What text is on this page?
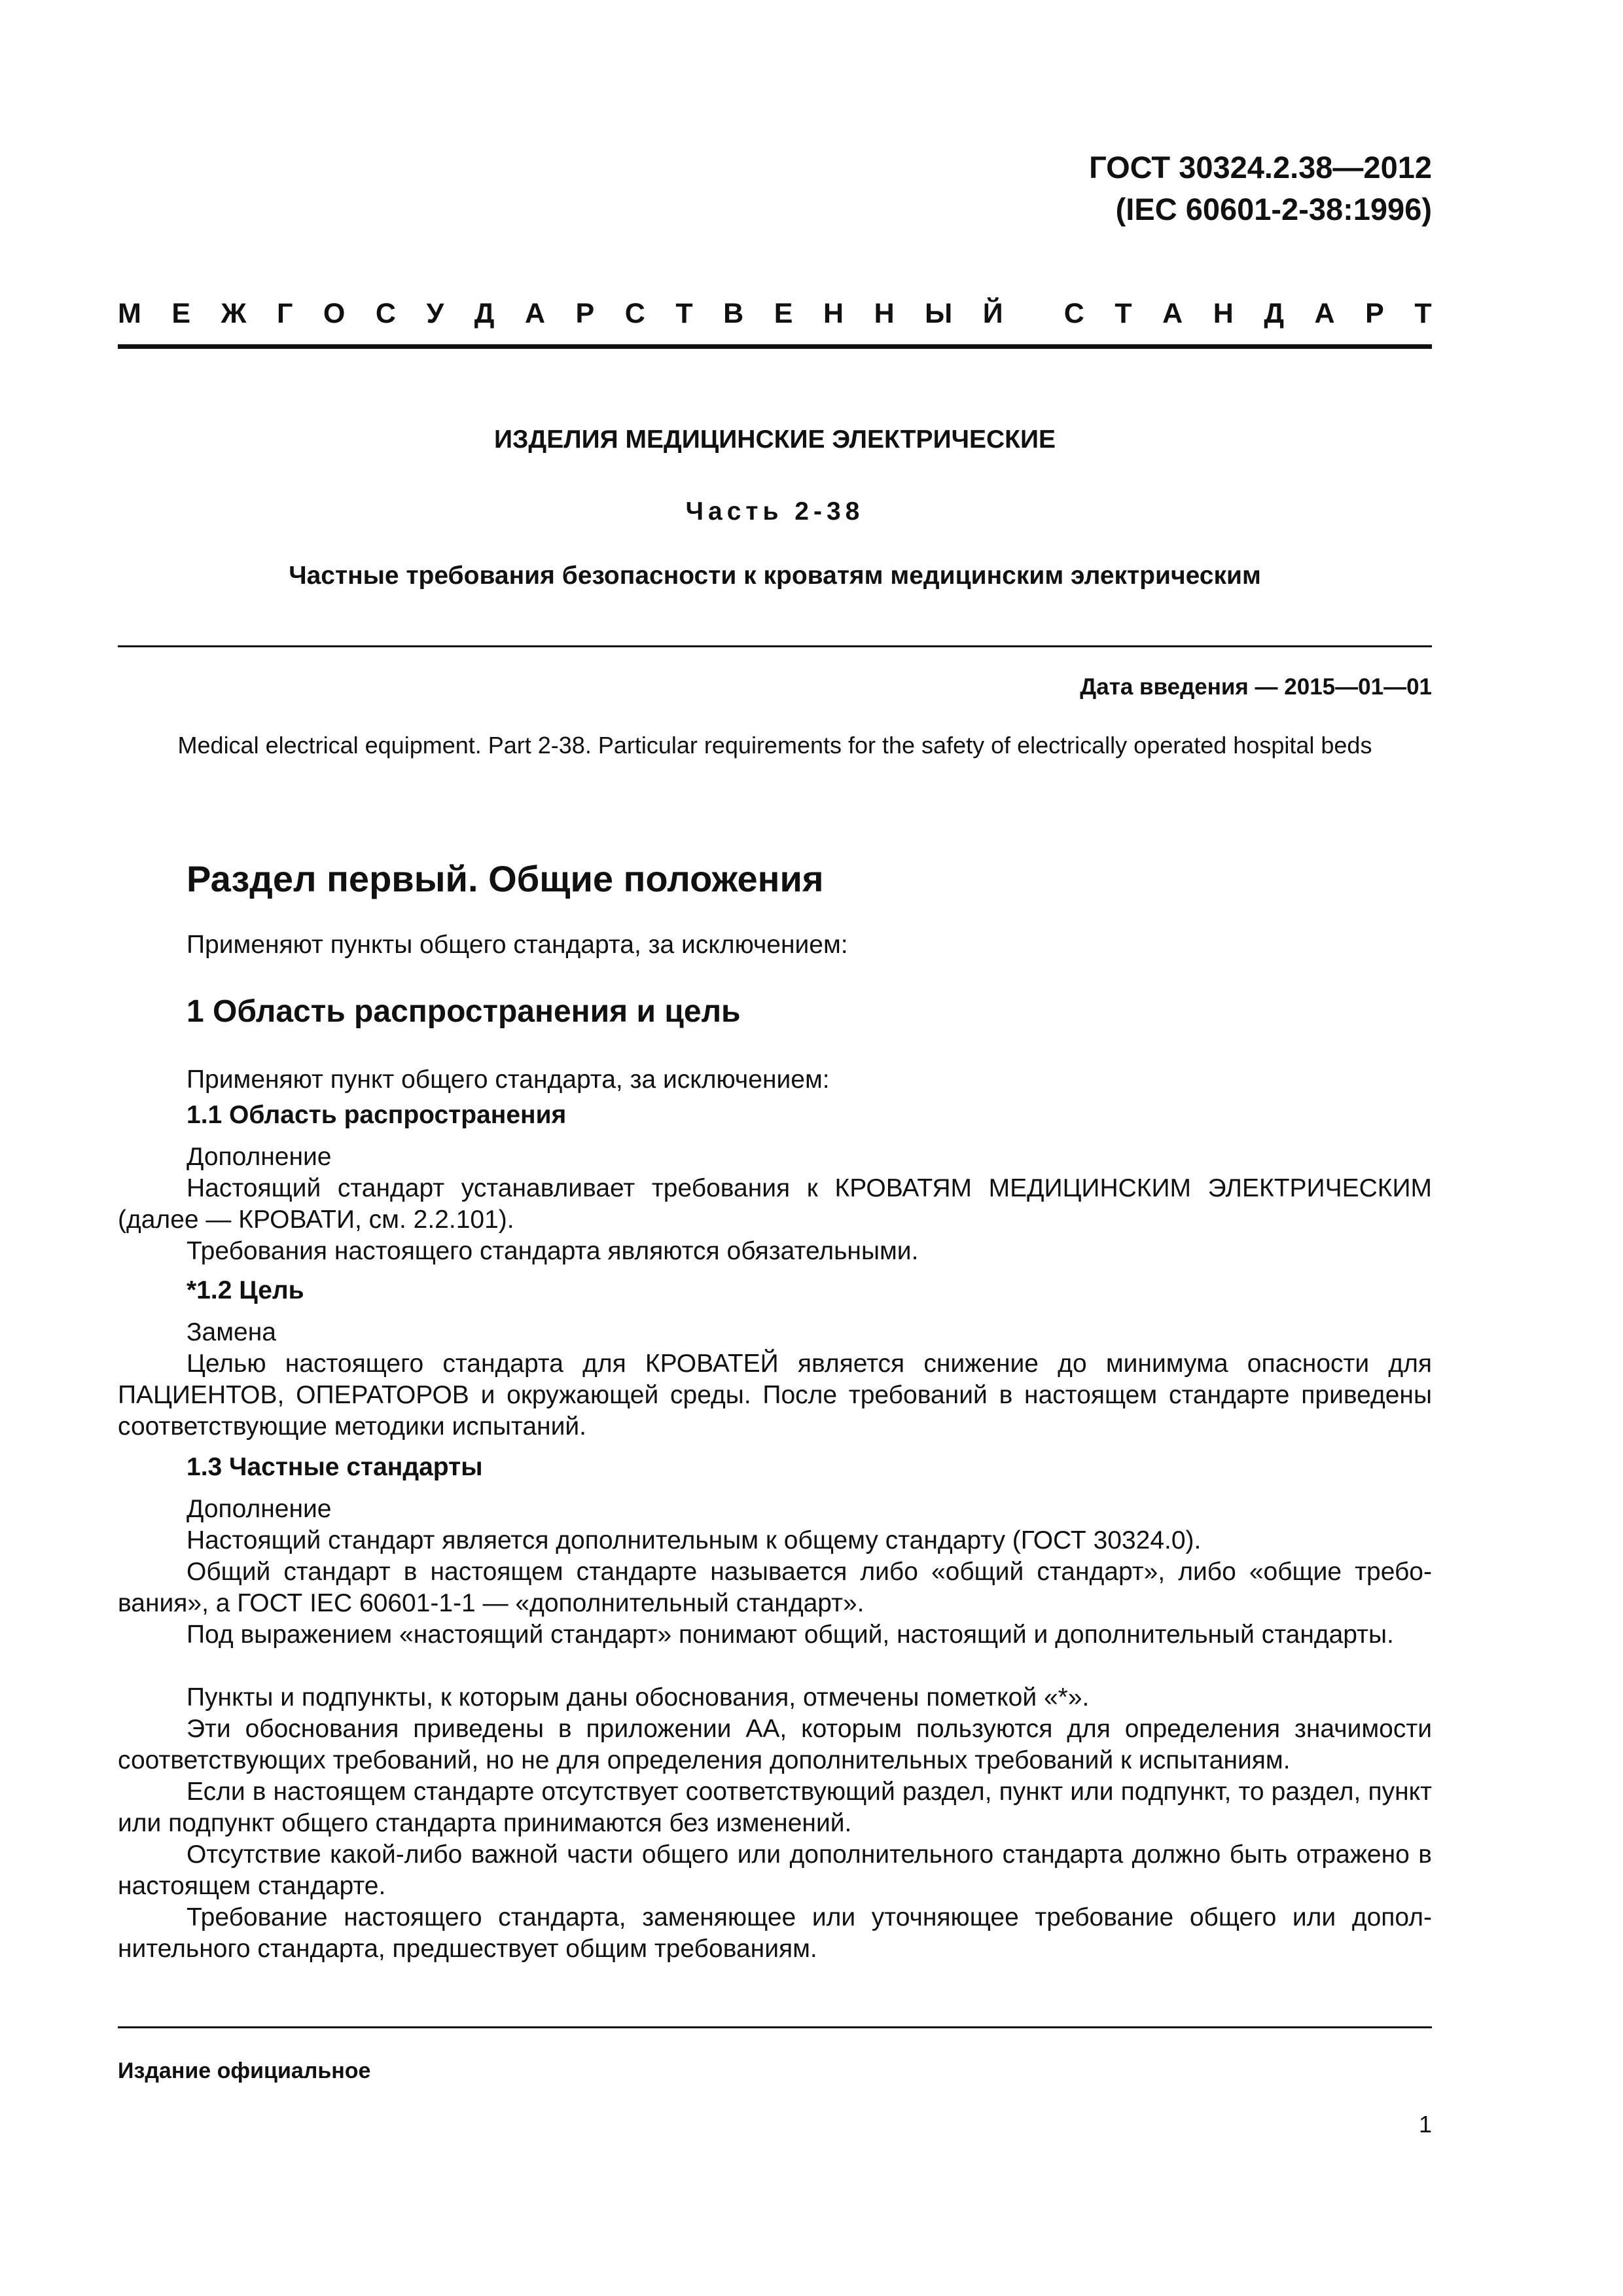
ГОСТ 30324.2.38—2012
(IEC 60601-2-38:1996)
М Е Ж Г О С У Д А Р С Т В Е Н Н Ы Й С Т А Н Д А Р Т
ИЗДЕЛИЯ МЕДИЦИНСКИЕ ЭЛЕКТРИЧЕСКИЕ
Часть 2-38
Частные требования безопасности к кроватям медицинским электрическим
Дата введения — 2015—01—01
Medical electrical equipment. Part 2-38. Particular requirements for the safety of electrically operated hospital beds
Раздел первый. Общие положения
Применяют пункты общего стандарта, за исключением:
1 Область распространения и цель
Применяют пункт общего стандарта, за исключением:
1.1 Область распространения
Дополнение
Настоящий стандарт устанавливает требования к КРОВАТЯМ МЕДИЦИНСКИМ ЭЛЕКТРИЧЕСКИМ (далее — КРОВАТИ, см. 2.2.101).
Требования настоящего стандарта являются обязательными.
*1.2 Цель
Замена
Целью настоящего стандарта для КРОВАТЕЙ является снижение до минимума опасности для ПАЦИЕНТОВ, ОПЕРАТОРОВ и окружающей среды. После требований в настоящем стандарте приведены соответствующие методики испытаний.
1.3 Частные стандарты
Дополнение
Настоящий стандарт является дополнительным к общему стандарту (ГОСТ 30324.0).
Общий стандарт в настоящем стандарте называется либо «общий стандарт», либо «общие требования», а ГОСТ IEC 60601-1-1 — «дополнительный стандарт».
Под выражением «настоящий стандарт» понимают общий, настоящий и дополнительный стандарты.
Пункты и подпункты, к которым даны обоснования, отмечены пометкой «*».
Эти обоснования приведены в приложении АА, которым пользуются для определения значимости соответствующих требований, но не для определения дополнительных требований к испытаниям.
Если в настоящем стандарте отсутствует соответствующий раздел, пункт или подпункт, то раздел, пункт или подпункт общего стандарта принимаются без изменений.
Отсутствие какой-либо важной части общего или дополнительного стандарта должно быть отражено в настоящем стандарте.
Требование настоящего стандарта, заменяющее или уточняющее требование общего или дополнительного стандарта, предшествует общим требованиям.
Издание официальное
1
